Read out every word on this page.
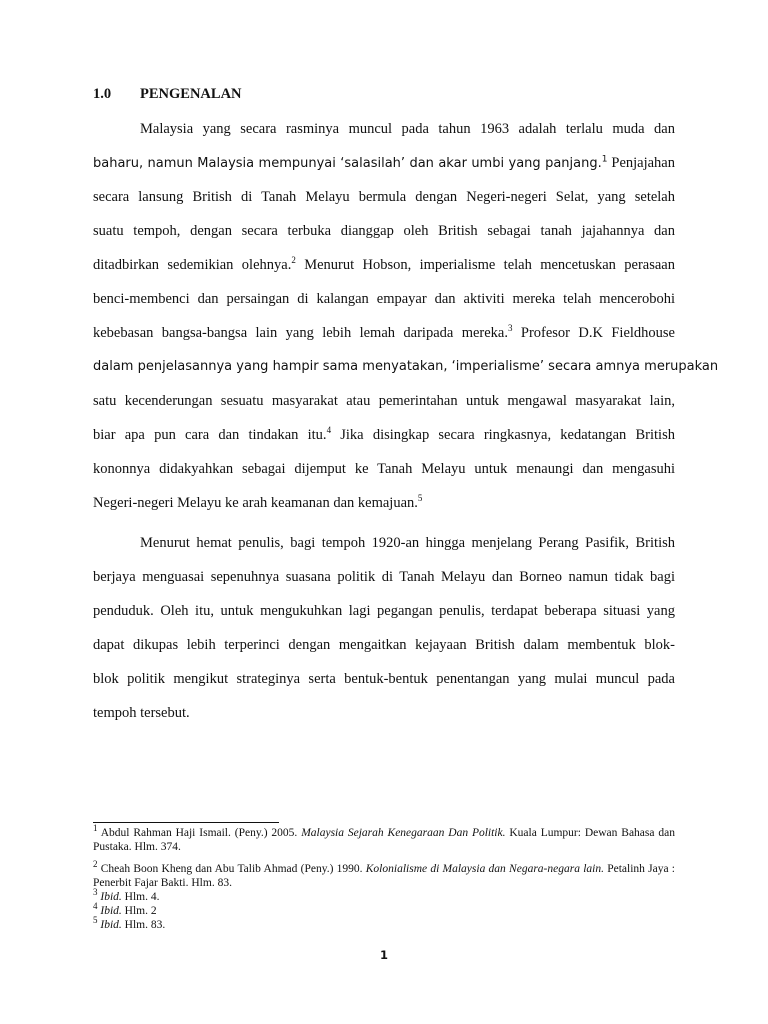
1.0 PENGENALAN
Malaysia yang secara rasminya muncul pada tahun 1963 adalah terlalu muda dan
baharu, namun Malaysia mempunyai ‘salasilah’ dan akar umbi yang panjang.$^1$ Penjajahan
secara lansung British di Tanah Melayu bermula dengan Negeri-negeri Selat, yang setelah
suatu tempoh, dengan secara terbuka dianggap oleh British sebagai tanah jajahannya dan
ditadbirkan sedemikian olehnya.$^2$ Menurut Hobson, imperialisme telah mencetuskan perasaan
benci-membenci dan persaingan di kalangan empayar dan aktiviti mereka telah mencerobohi
kebebasan bangsa-bangsa lain yang lebih lemah daripada mereka.$^3$ Profesor D.K Fieldhouse
dalam penjelasannya yang hampir sama menyatakan, ‘imperialisme’ secara amnya merupakan
satu kecenderungan sesuatu masyarakat atau pemerintahan untuk mengawal masyarakat lain,
biar apa pun cara dan tindakan itu.$^4$ Jika disingkap secara ringkasnya, kedatangan British
kononnya didakyahkan sebagai dijemput ke Tanah Melayu untuk menaungi dan mengasuhi
Negeri-negeri Melayu ke arah keamanan dan kemajuan.$^5$
Menurut hemat penulis, bagi tempoh 1920-an hingga menjelang Perang Pasifik, British
berjaya menguasai sepenuhnya suasana politik di Tanah Melayu dan Borneo namun tidak bagi
penduduk. Oleh itu, untuk mengukuhkan lagi pegangan penulis, terdapat beberapa situasi yang
dapat dikupas lebih terperinci dengan mengaitkan kejayaan British dalam membentuk blok-
blok politik mengikut strateginya serta bentuk-bentuk penentangan yang mulai muncul pada
tempoh tersebut.
$^1$ Abdul Rahman Haji Ismail. (Peny.) 2005. Malaysia Sejarah Kenegaraan Dan Politik. Kuala Lumpur: Dewan Bahasa dan Pustaka. Hlm. 374.
$^2$ Cheah Boon Kheng dan Abu Talib Ahmad (Peny.) 1990. Kolonialisme di Malaysia dan Negara-negara lain. Petalinh Jaya : Penerbit Fajar Bakti. Hlm. 83.
$^3$ Ibid. Hlm. 4.
$^4$ Ibid. Hlm. 2
$^5$ Ibid. Hlm. 83.
1
